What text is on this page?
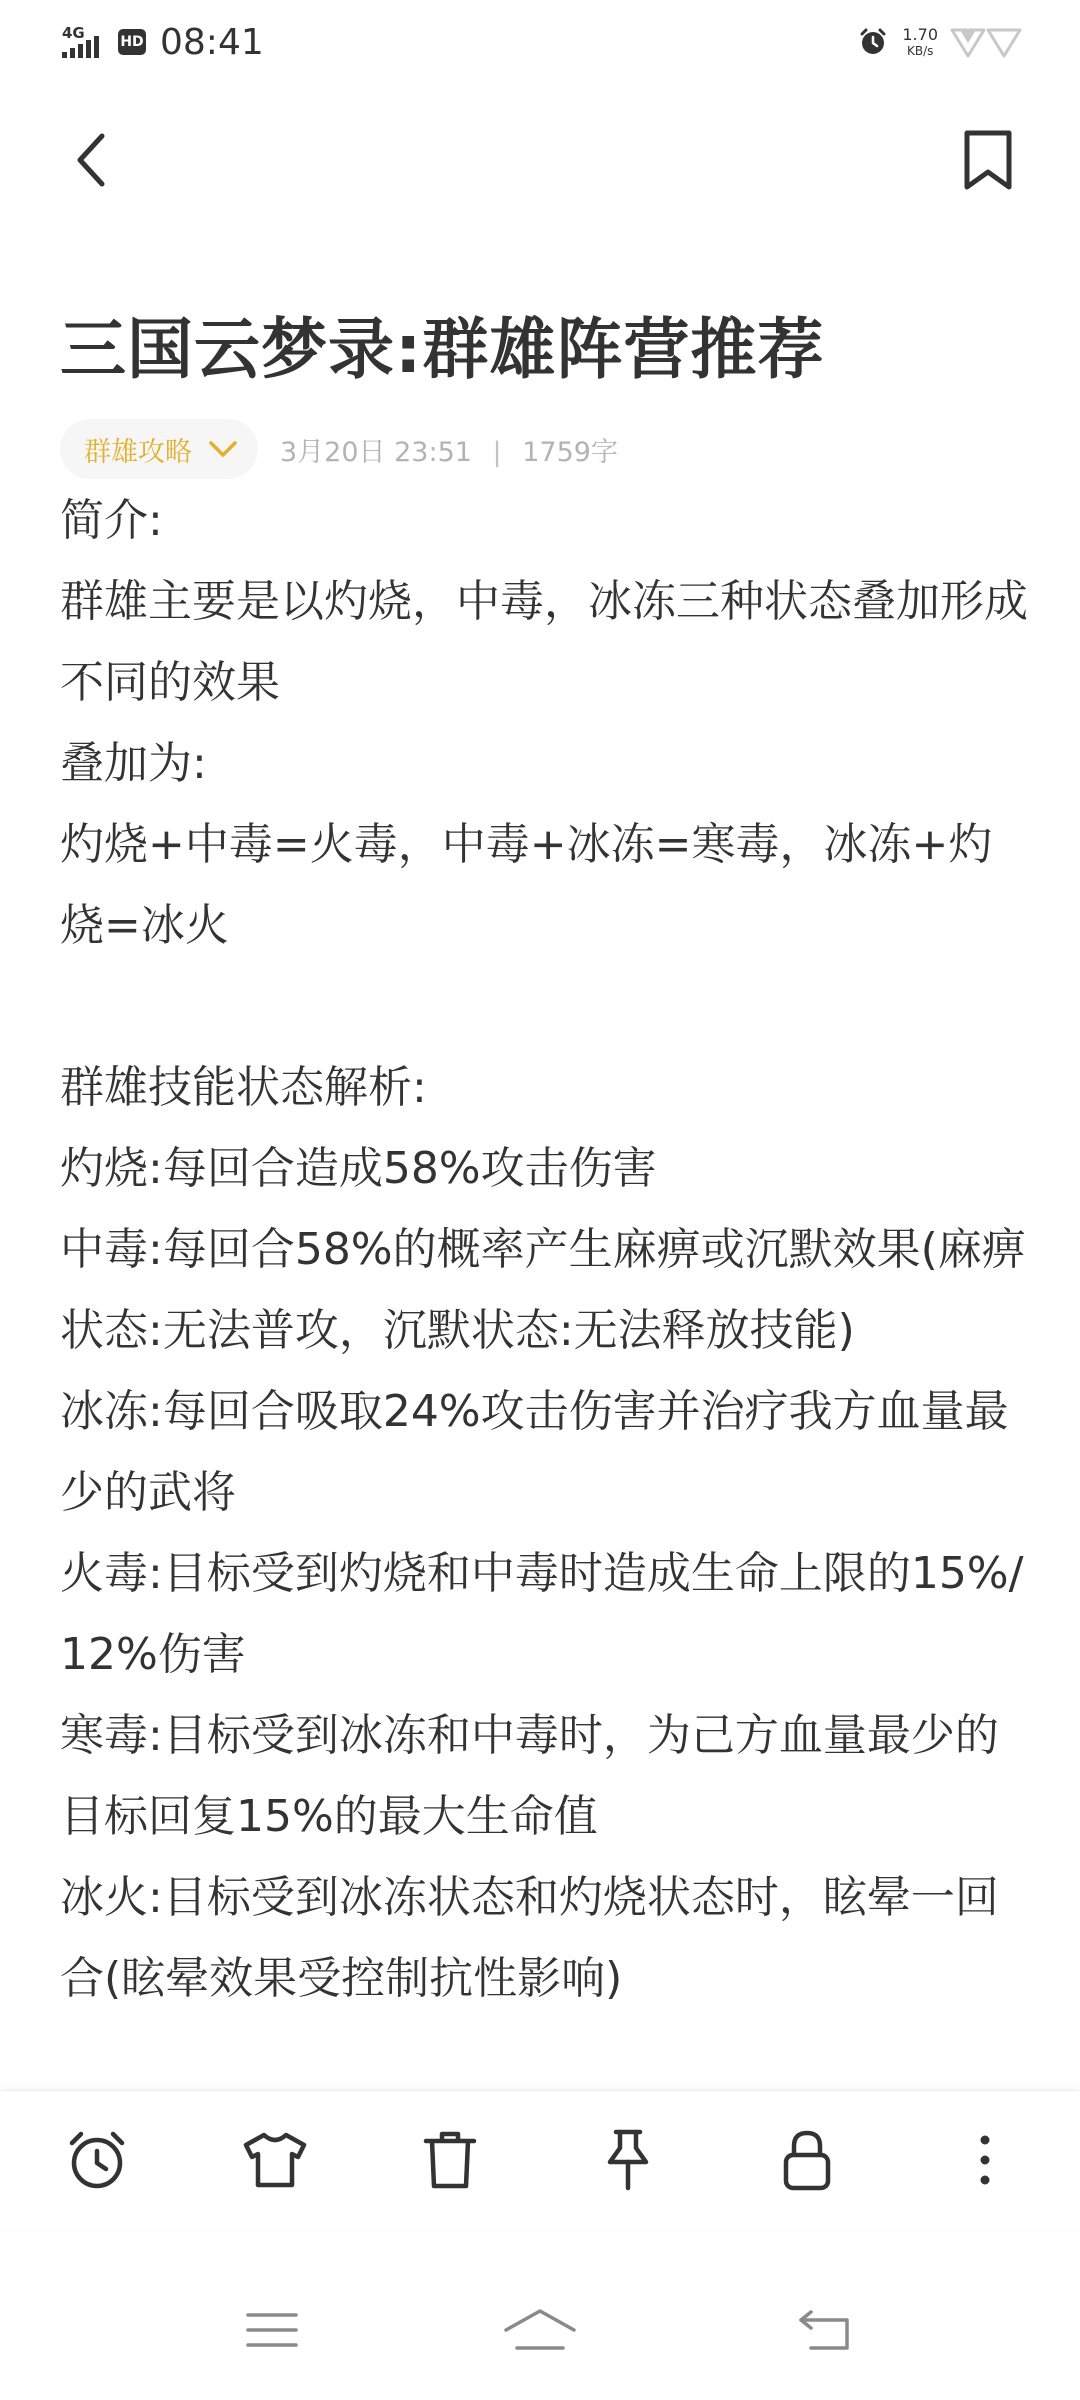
4G	HD 08:41	1.70
KB/s
三国云梦录:群雄阵营推荐
群雄攻略	3月20日 23:51 | 1759字

简介:

群雄主要是以灼烧，中毒，冰冻三种状态叠加形成不同的效果

叠加为:

灼烧+中毒=火毒，中毒+冰冻=寒毒，冰冻+灼烧=冰火

群雄技能状态解析:

灼烧:每回合造成58%攻击伤害

中毒:每回合58%的概率产生麻痹或沉默效果(麻痹状态:无法普攻，沉默状态:无法释放技能)

冰冻:每回合吸取24%攻击伤害并治疗我方血量最少的武将

火毒:目标受到灼烧和中毒时造成生命上限的15%/12%伤害

寒毒:目标受到冰冻和中毒时，为己方血量最少的目标回复15%的最大生命值

冰火:目标受到冰冻状态和灼烧状态时，眩晕一回合(眩晕效果受控制抗性影响)
